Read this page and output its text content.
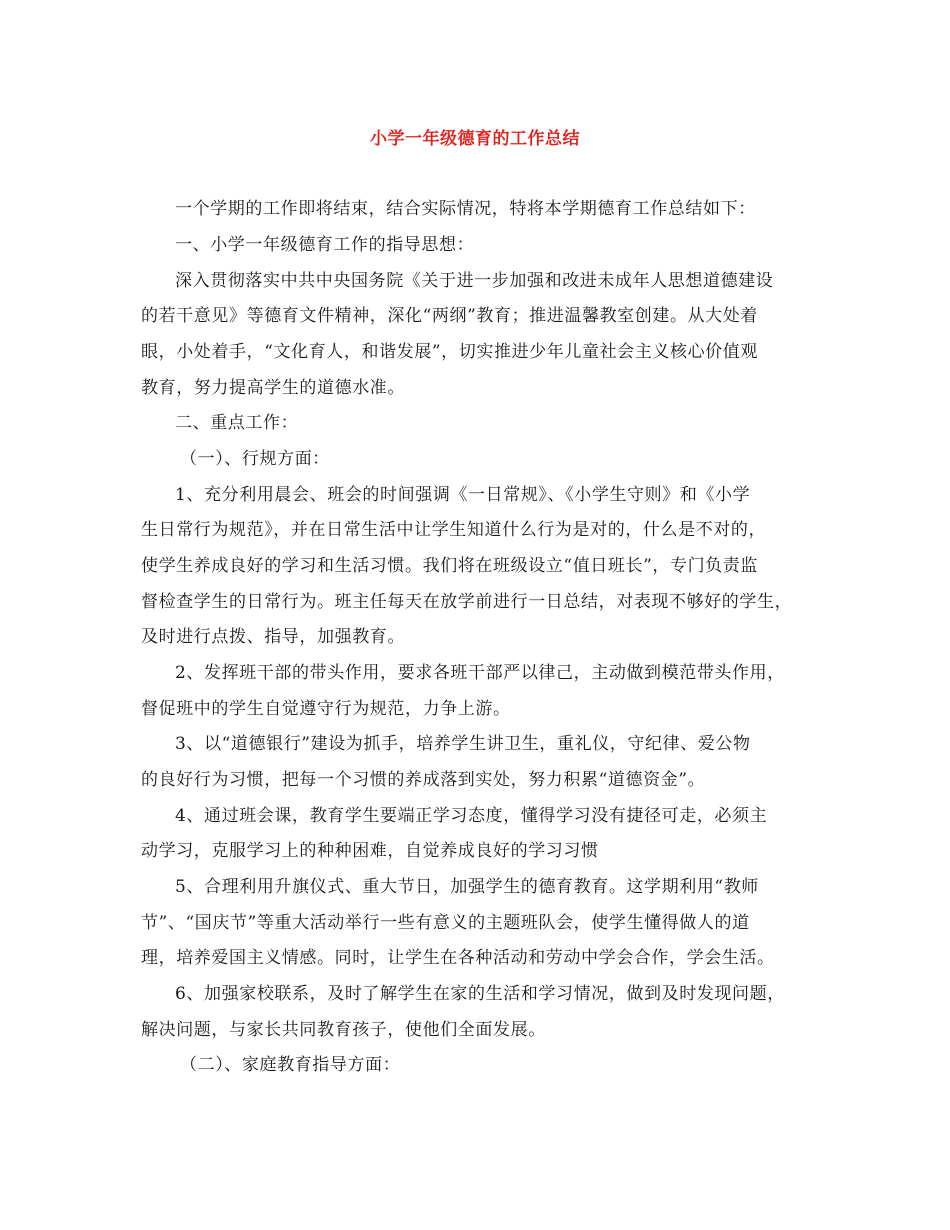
小学一年级德育的工作总结
一个学期的工作即将结束，结合实际情况，特将本学期德育工作总结如下：
一、小学一年级德育工作的指导思想：
深入贯彻落实中共中央国务院《关于进一步加强和改进未成年人思想道德建设
的若干意见》等德育文件精神，深化“两纲”教育；推进温馨教室创建。从大处着
眼，小处着手，“文化育人，和谐发展”，切实推进少年儿童社会主义核心价值观
教育，努力提高学生的道德水准。
二、重点工作：
（一）、行规方面：
1、充分利用晨会、班会的时间强调《一日常规》、《小学生守则》和《小学
生日常行为规范》，并在日常生活中让学生知道什么行为是对的，什么是不对的，
使学生养成良好的学习和生活习惯。我们将在班级设立“值日班长”，专门负责监
督检查学生的日常行为。班主任每天在放学前进行一日总结，对表现不够好的学生，
及时进行点拨、指导，加强教育。
2、发挥班干部的带头作用，要求各班干部严以律己，主动做到模范带头作用，
督促班中的学生自觉遵守行为规范，力争上游。
3、以“道德银行”建设为抓手，培养学生讲卫生，重礼仪，守纪律、爱公物
的良好行为习惯，把每一个习惯的养成落到实处，努力积累“道德资金”。
4、通过班会课，教育学生要端正学习态度，懂得学习没有捷径可走，必须主
动学习，克服学习上的种种困难，自觉养成良好的学习习惯
5、合理利用升旗仪式、重大节日，加强学生的德育教育。这学期利用“教师
节”、“国庆节”等重大活动举行一些有意义的主题班队会，使学生懂得做人的道
理，培养爱国主义情感。同时，让学生在各种活动和劳动中学会合作，学会生活。
6、加强家校联系，及时了解学生在家的生活和学习情况，做到及时发现问题，
解决问题，与家长共同教育孩子，使他们全面发展。
（二）、家庭教育指导方面：
